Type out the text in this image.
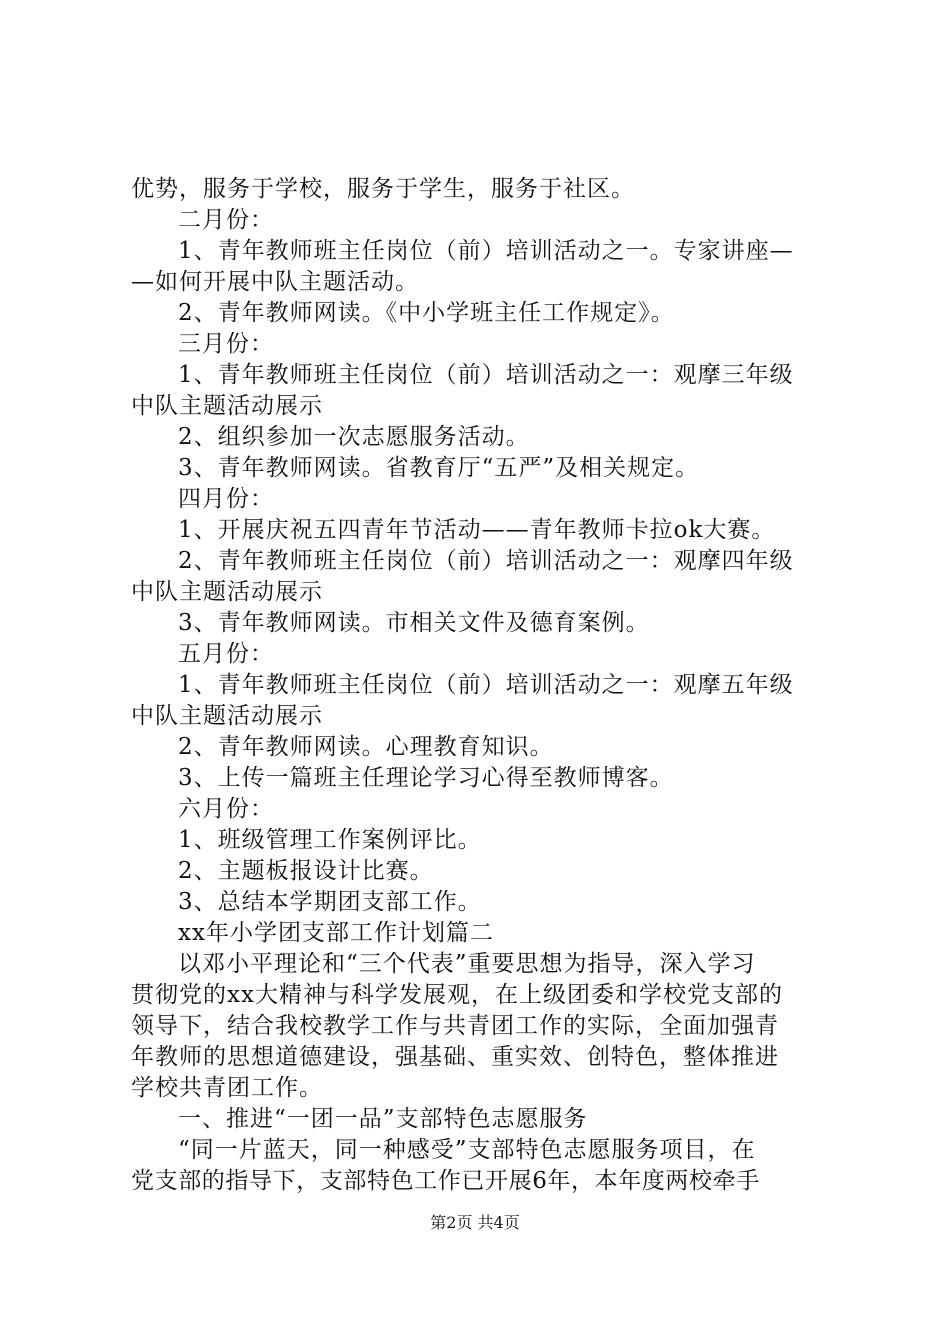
优势，服务于学校，服务于学生，服务于社区。
二月份：
1、青年教师班主任岗位（前）培训活动之一。专家讲座—
—如何开展中队主题活动。
2、青年教师网读。《中小学班主任工作规定》。
三月份：
1、青年教师班主任岗位（前）培训活动之一：观摩三年级
中队主题活动展示
2、组织参加一次志愿服务活动。
3、青年教师网读。省教育厅“五严”及相关规定。
四月份：
1、开展庆祝五四青年节活动——青年教师卡拉ok大赛。
2、青年教师班主任岗位（前）培训活动之一：观摩四年级
中队主题活动展示
3、青年教师网读。市相关文件及德育案例。
五月份：
1、青年教师班主任岗位（前）培训活动之一：观摩五年级
中队主题活动展示
2、青年教师网读。心理教育知识。
3、上传一篇班主任理论学习心得至教师博客。
六月份：
1、班级管理工作案例评比。
2、主题板报设计比赛。
3、总结本学期团支部工作。
xx年小学团支部工作计划篇二
以邓小平理论和“三个代表”重要思想为指导，深入学习
贯彻党的xx大精神与科学发展观，在上级团委和学校党支部的
领导下，结合我校教学工作与共青团工作的实际，全面加强青
年教师的思想道德建设，强基础、重实效、创特色，整体推进
学校共青团工作。
一、推进“一团一品”支部特色志愿服务
“同一片蓝天，同一种感受”支部特色志愿服务项目，在
党支部的指导下，支部特色工作已开展6年，本年度两校牵手
第2页 共4页
